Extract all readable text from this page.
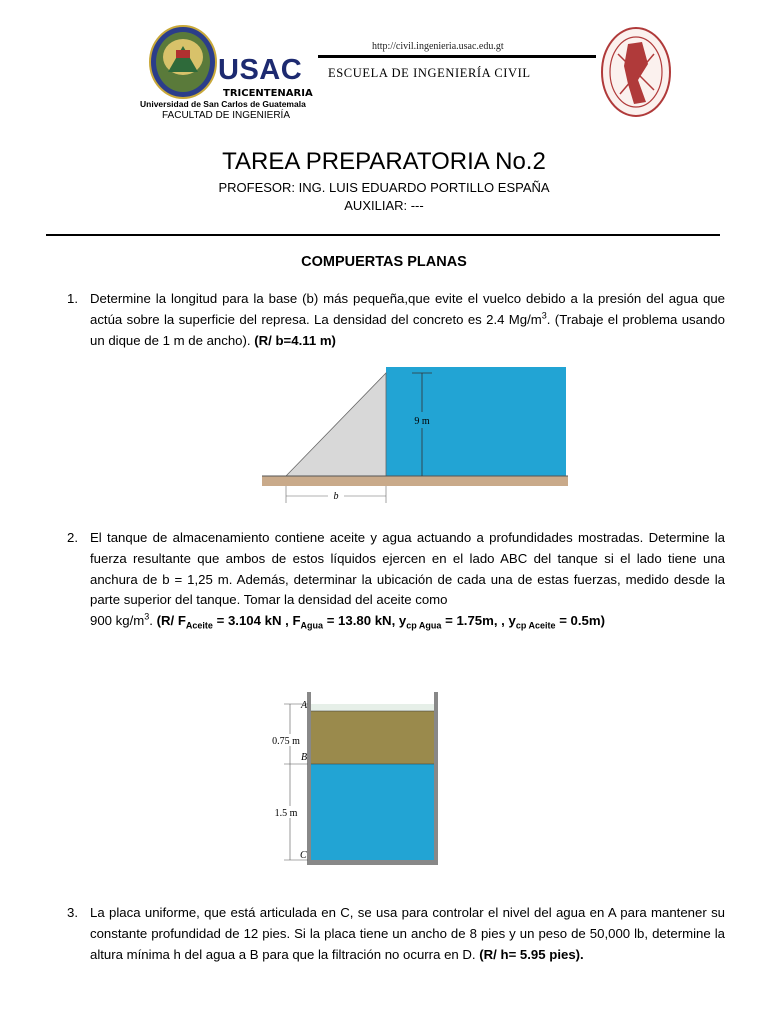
USAC
TRICENTENARIA
Universidad de San Carlos de Guatemala
FACULTAD DE INGENIERÍA
http://civil.ingenieria.usac.edu.gt
ESCUELA DE INGENIERÍA CIVIL
TAREA PREPARATORIA No.2
PROFESOR: ING. LUIS EDUARDO PORTILLO ESPAÑA
AUXILIAR: ---
COMPUERTAS PLANAS
1. Determine la longitud para la base (b) más pequeña,que evite el vuelco debido a la presión del agua que actúa sobre la superficie del represa. La densidad del concreto es 2.4 $Mg/m^3$. (Trabaje el problema usando un dique de 1 m de ancho). (R/ b=4.11 m)
9 m
b
2. El tanque de almacenamiento contiene aceite y agua actuando a profundidades mostradas. Determine la fuerza resultante que ambos de estos líquidos ejercen en el lado ABC del tanque si el lado tiene una anchura de b = 1,25 m. Además, determinar la ubicación de cada una de estas fuerzas, medido desde la parte superior del tanque. Tomar la densidad del aceite como
900 $kg/m^3$. (R/ $F_{Aceite} = 3.104$ kN , $F_{Agua} = 13.80$ kN, $y_{cp Agua} = 1.75m$, , $y_{cp Aceite} = 0.5m$)
A
B
C
0.75 m
1.5 m
3. La placa uniforme, que está articulada en C, se usa para controlar el nivel del agua en A para mantener su constante profundidad de 12 pies. Si la placa tiene un ancho de 8 pies y un peso de 50,000 lb, determine la altura mínima h del agua a B para que la filtración no ocurra en D. (R/ h= 5.95 pies).
